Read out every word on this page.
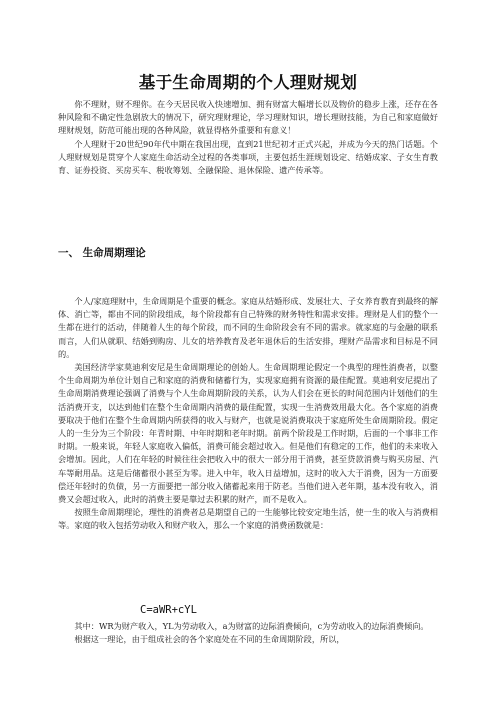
基于生命周期的个人理财规划

你不理财，财不理你。在今天居民收入快速增加、拥有财富大幅增长以及物价的稳步上涨，还存在各种风险和不确定性急剧放大的情况下，研究理财理论，学习理财知识，增长理财技能，为自己和家庭做好理财规划，防范可能出现的各种风险，就显得格外重要和有意义！

个人理财于20世纪90年代中期在我国出现，直到21世纪初才正式兴起，并成为今天的热门话题。个人理财规划是贯穿个人家庭生命活动全过程的各类事项，主要包括生涯规划设定、结婚成家、子女生育教育、证券投资、买房买车、税收筹划、全融保险、退休保险、遗产传承等。

一、 生命周期理论

个人/家庭理财中，生命周期是个重要的概念。家庭从结婚形成、发展壮大、子女养育教育到最终的解体、消亡等，都由不同的阶段组成，每个阶段都有自己特殊的财务特性和需求安排。理财是人们的整个一生都在进行的活动，伴随着人生的每个阶段，而不同的生命阶段会有不同的需求。就家庭的与金融的联系而言，人们从就职、结婚到购房、儿女的培养教育及老年退休后的生活安排，理财产品需求和目标是不同的。

美国经济学家莫迪利安尼是生命周期理论的创始人。生命周期理论假定一个典型的理性消费者，以整个生命周期为单位计划自己和家庭的消费和储蓄行为，实现家庭拥有资源的最佳配置。莫迪利安尼提出了生命周期消费理论强调了消费与个人生命周期阶段的关系，认为人们会在更长的时间范围内计划他们的生活消费开支，以达到他们在整个生命周期内消费的最佳配置，实现一生消费效用最大化。各个家庭的消费要取决于他们在整个生命周期内所获得的收入与财产，也就是说消费取决于家庭所处生命周期阶段。假定人的一生分为三个阶段：年青时期、中年时期和老年时期。前两个阶段是工作时期，后面的一个事非工作时期。一般来说，年轻人家庭收入偏低，消费可能会超过收入。但是他们有稳定的工作，他们的未来收入会增加。因此，人们在年轻的时候往往会把收入中的很大一部分用于消费，甚至贷款消费与购买房屋、汽车等耐用品。这是后储蓄很小甚至为零。进入中年，收入日益增加，这时的收入大于消费，因为一方面要偿还年轻时的负债，另一方面要把一部分收入储蓄起来用于防老。当他们进入老年期，基本没有收入，消费又会超过收入，此时的消费主要是靠过去积累的财产，而不是收入。

按照生命周期理论，理性的消费者总是期望自己的一生能够比较安定地生活，使一生的收入与消费相等。家庭的收入包括劳动收入和财产收入，那么一个家庭的消费函数就是：

C=aWR+cYL

其中：WR为财产收入，YL为劳动收入，a为财富的边际消费倾向，c为劳动收入的边际消费倾向。

根据这一理论，由于组成社会的各个家庭处在不同的生命周期阶段，所以，
